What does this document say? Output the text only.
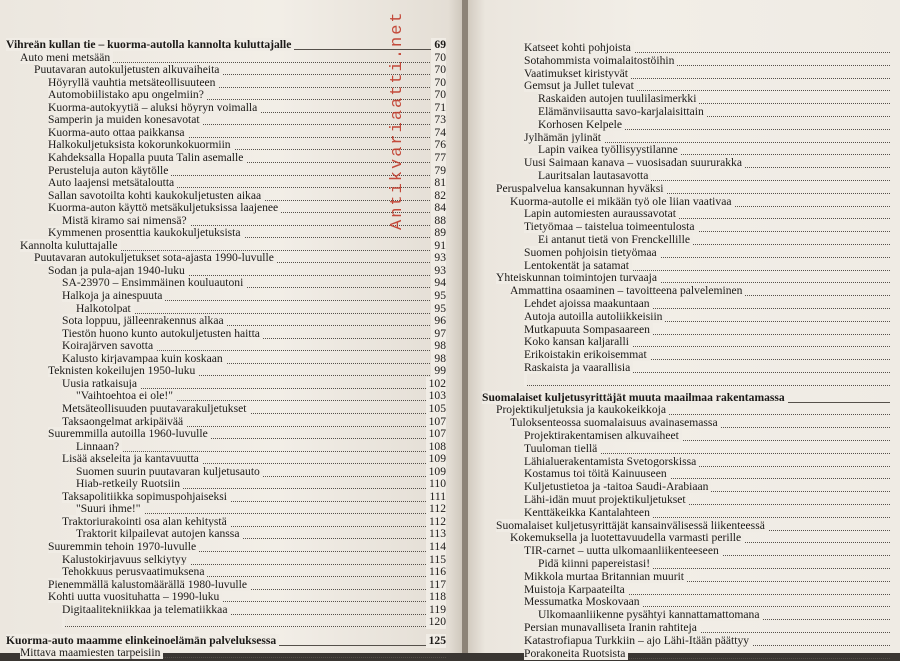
Vihreän kullan tie – kuorma-autolla kannolta kuluttajalle	69
Auto meni metsään	70
Puutavaran autokuljetusten alkuvaiheita	70
Höyryllä vauhtia metsäteollisuuteen	70
Automobiilistako apu ongelmiin?	70
Kuorma-autokyytiä – aluksi höyryn voimalla	71
Samperin ja muiden konesavotat	73
Kuorma-auto ottaa paikkansa	74
Halkokuljetuksista kokorunkokuormiin	76
Kahdeksalla Hopalla puuta Talin asemalle	77
Perusteluja auton käytölle	79
Auto laajensi metsätaloutta	81
Sallan savotoilta kohti kaukokuljetusten aikaa	82
Kuorma-auton käyttö metsäkuljetuksissa laajenee	84
Mistä kiramo sai nimensä?	88
Kymmenen prosenttia kaukokuljetuksista	89
Kannolta kuluttajalle	91
Puutavaran autokuljetukset sota-ajasta 1990-luvulle	93
Sodan ja pula-ajan 1940-luku	93
SA-23970 – Ensimmäinen kouluautoni	94
Halkoja ja ainespuuta	95
Halkotolpat	95
Sota loppuu, jälleenrakennus alkaa	96
Tiestön huono kunto autokuljetusten haitta	97
Koirajärven savotta	98
Kalusto kirjavampaa kuin koskaan	98
Teknisten kokeilujen 1950-luku	99
Uusia ratkaisuja	102
"Vaihtoehtoa ei ole!"	103
Metsäteollisuuden puutavarakuljetukset	105
Taksaongelmat arkipäivää	107
Suuremmilla autoilla 1960-luvulle	107
Linnaan?	108
Lisää akseleita ja kantavuutta	109
Suomen suurin puutavaran kuljetusauto	109
Hiab-retkeily Ruotsiin	110
Taksapolitiikka sopimuspohjaiseksi	111
"Suuri ihme!"	112
Traktoriurakointi osa alan kehitystä	112
Traktorit kilpailevat autojen kanssa	113
Suuremmin tehoin 1970-luvulle	114
Kalustokirjavuus selkiytyy	115
Tehokkuus perusvaatimuksena	116
Pienemmällä kalustomäärällä 1980-luvulle	117
Kohti uutta vuosituhatta – 1990-luku	118
Digitaalitekniikkaa ja telematiikkaa	119
120
Kuorma-auto maamme elinkeinoelämän palveluksessa	125
Mittava maamiesten tarpeisiin
Katseet kohti pohjoista
Sotahommista voimalaitostöihin
Vaatimukset kiristyvät
Gemsut ja Jullet tulevat
Raskaiden autojen tuulilasimerkki
Elämänviisautta savo-karjalaisittain
Korhosen Kelpele
Jylhämän jylinät
Lapin vaikea työllisyystilanne
Uusi Saimaan kanava – vuosisadan suururakka
Lauritsalan lautasavotta
Peruspalvelua kansakunnan hyväksi
Kuorma-autolle ei mikään työ ole liian vaativaa
Lapin automiesten auraussavotat
Tietyömaa – taistelua toimeentulosta
Ei antanut tietä von Frenckellille
Suomen pohjoisin tietyömaa
Lentokentät ja satamat
Yhteiskunnan toimintojen turvaaja
Ammattina osaaminen – tavoitteena palveleminen
Lehdet ajoissa maakuntaan
Autoja autoilla autoliikkeisiin
Mutkapuuta Sompasaareen
Koko kansan kaljaralli
Erikoistakin erikoisemmat
Raskaista ja vaarallisia
Suomalaiset kuljetusyrittäjät muuta maailmaa rakentamassa
Projektikuljetuksia ja kaukokeikkoja
Tuloksenteossa suomalaisuus avainasemassa
Projektirakentamisen alkuvaiheet
Tuuloman tiellä
Lähialuerakentamista Svetogorskissa
Kostamus toi töitä Kainuuseen
Kuljetustietoa ja -taitoa Saudi-Arabiaan
Lähi-idän muut projektikuljetukset
Kenttäkeikka Kantalahteen
Suomalaiset kuljetusyrittäjät kansainvälisessä liikenteessä
Kokemuksella ja luotettavuudella varmasti perille
TIR-carnet – uutta ulkomaanliikenteeseen
Pidä kiinni papereistasi!
Mikkola murtaa Britannian muurit
Muistoja Karpaateilta
Messumatka Moskovaan
Ulkomaanliikenne pysähtyi kannattamattomana
Persian munavalliseta Iranin rahtiteja
Katastrofiapua Turkkiin – ajo Lähi-Itään päättyy
Porakoneita Ruotsista
Antikvariaatti.net
